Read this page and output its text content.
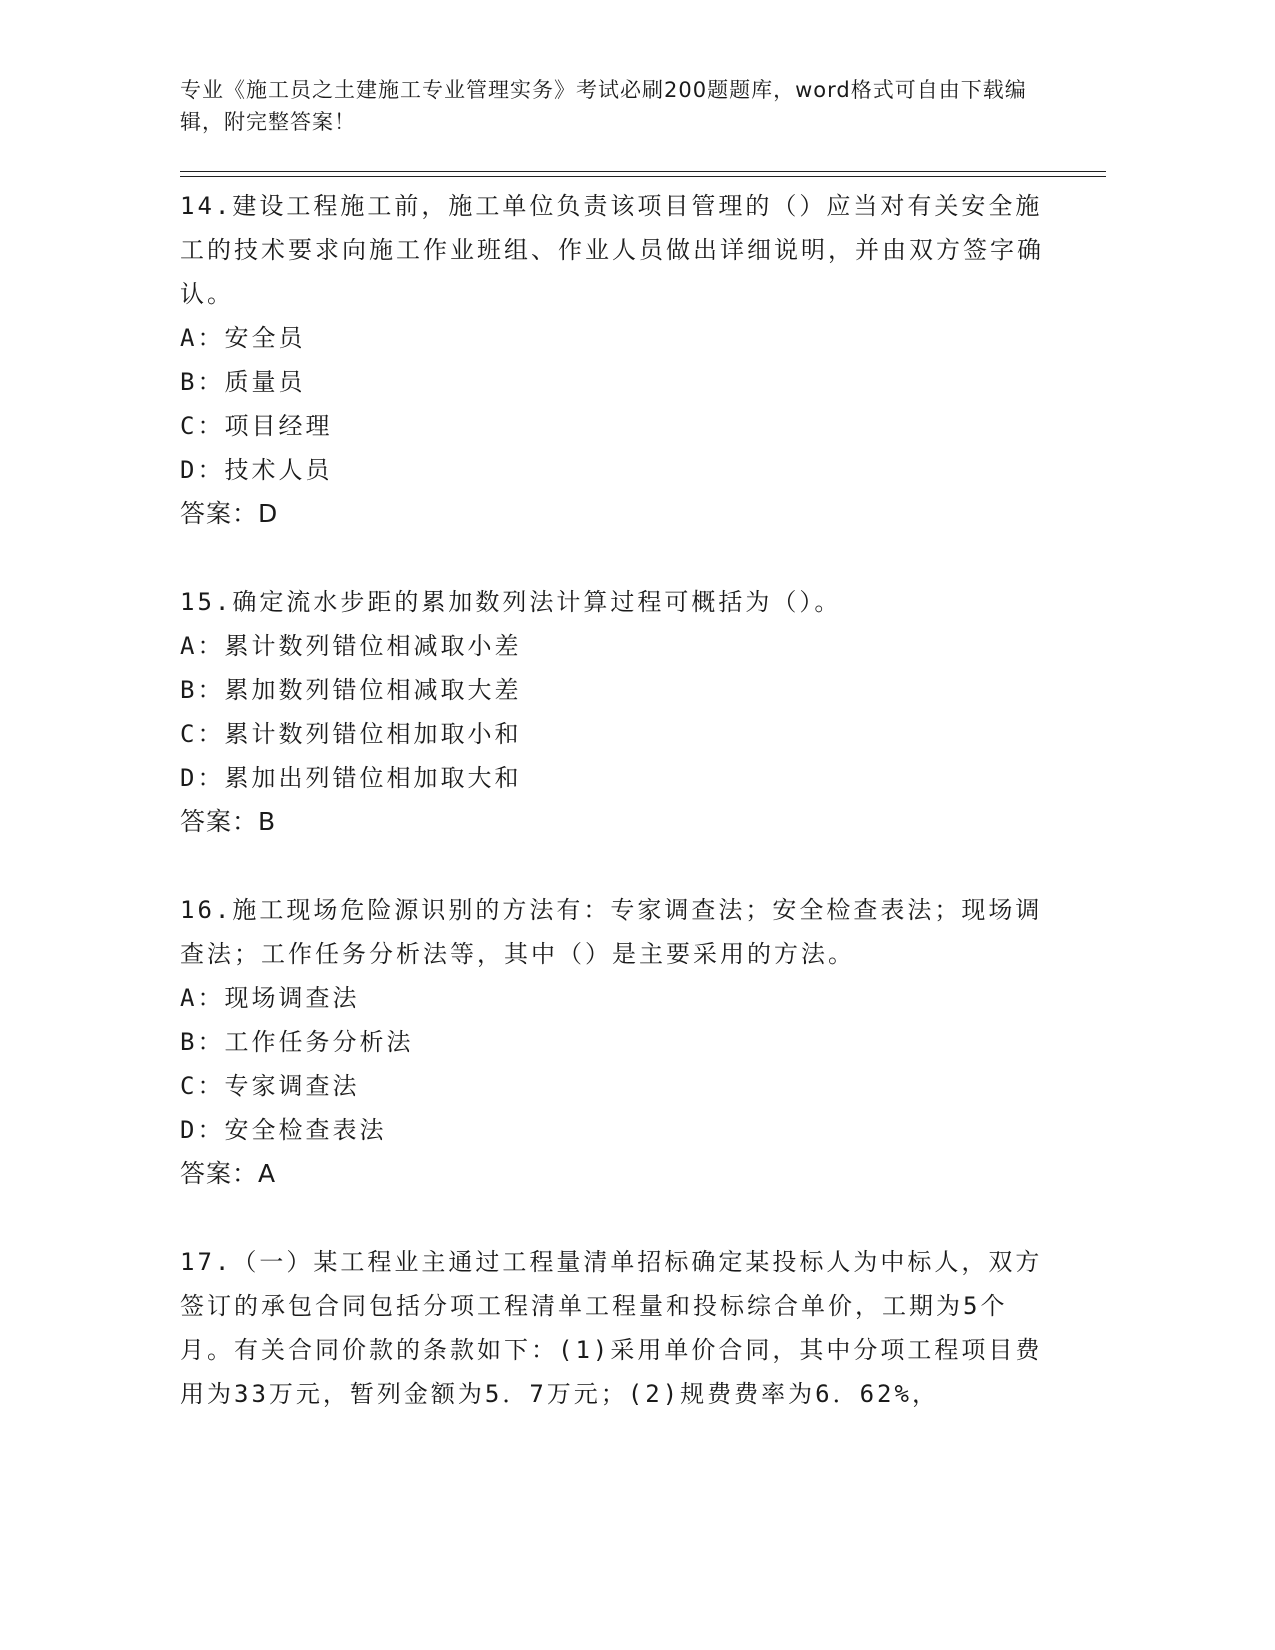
专业《施工员之土建施工专业管理实务》考试必刷200题题库，word格式可自由下载编辑，附完整答案！

14.建设工程施工前，施工单位负责该项目管理的（）应当对有关安全施工的技术要求向施工作业班组、作业人员做出详细说明，并由双方签字确认。

A：安全员

B：质量员

C：项目经理

D：技术人员

答案：D

15.确定流水步距的累加数列法计算过程可概括为（）。

A：累计数列错位相减取小差

B：累加数列错位相减取大差

C：累计数列错位相加取小和

D：累加出列错位相加取大和

答案：B

16.施工现场危险源识别的方法有：专家调查法；安全检查表法；现场调查法；工作任务分析法等，其中（）是主要采用的方法。

A：现场调查法

B：工作任务分析法

C：专家调查法

D：安全检查表法

答案：A

17.（一）某工程业主通过工程量清单招标确定某投标人为中标人，双方签订的承包合同包括分项工程清单工程量和投标综合单价，工期为5个月。有关合同价款的条款如下：(1)采用单价合同，其中分项工程项目费用为33万元，暂列金额为5．7万元；(2)规费费率为6．62%，
